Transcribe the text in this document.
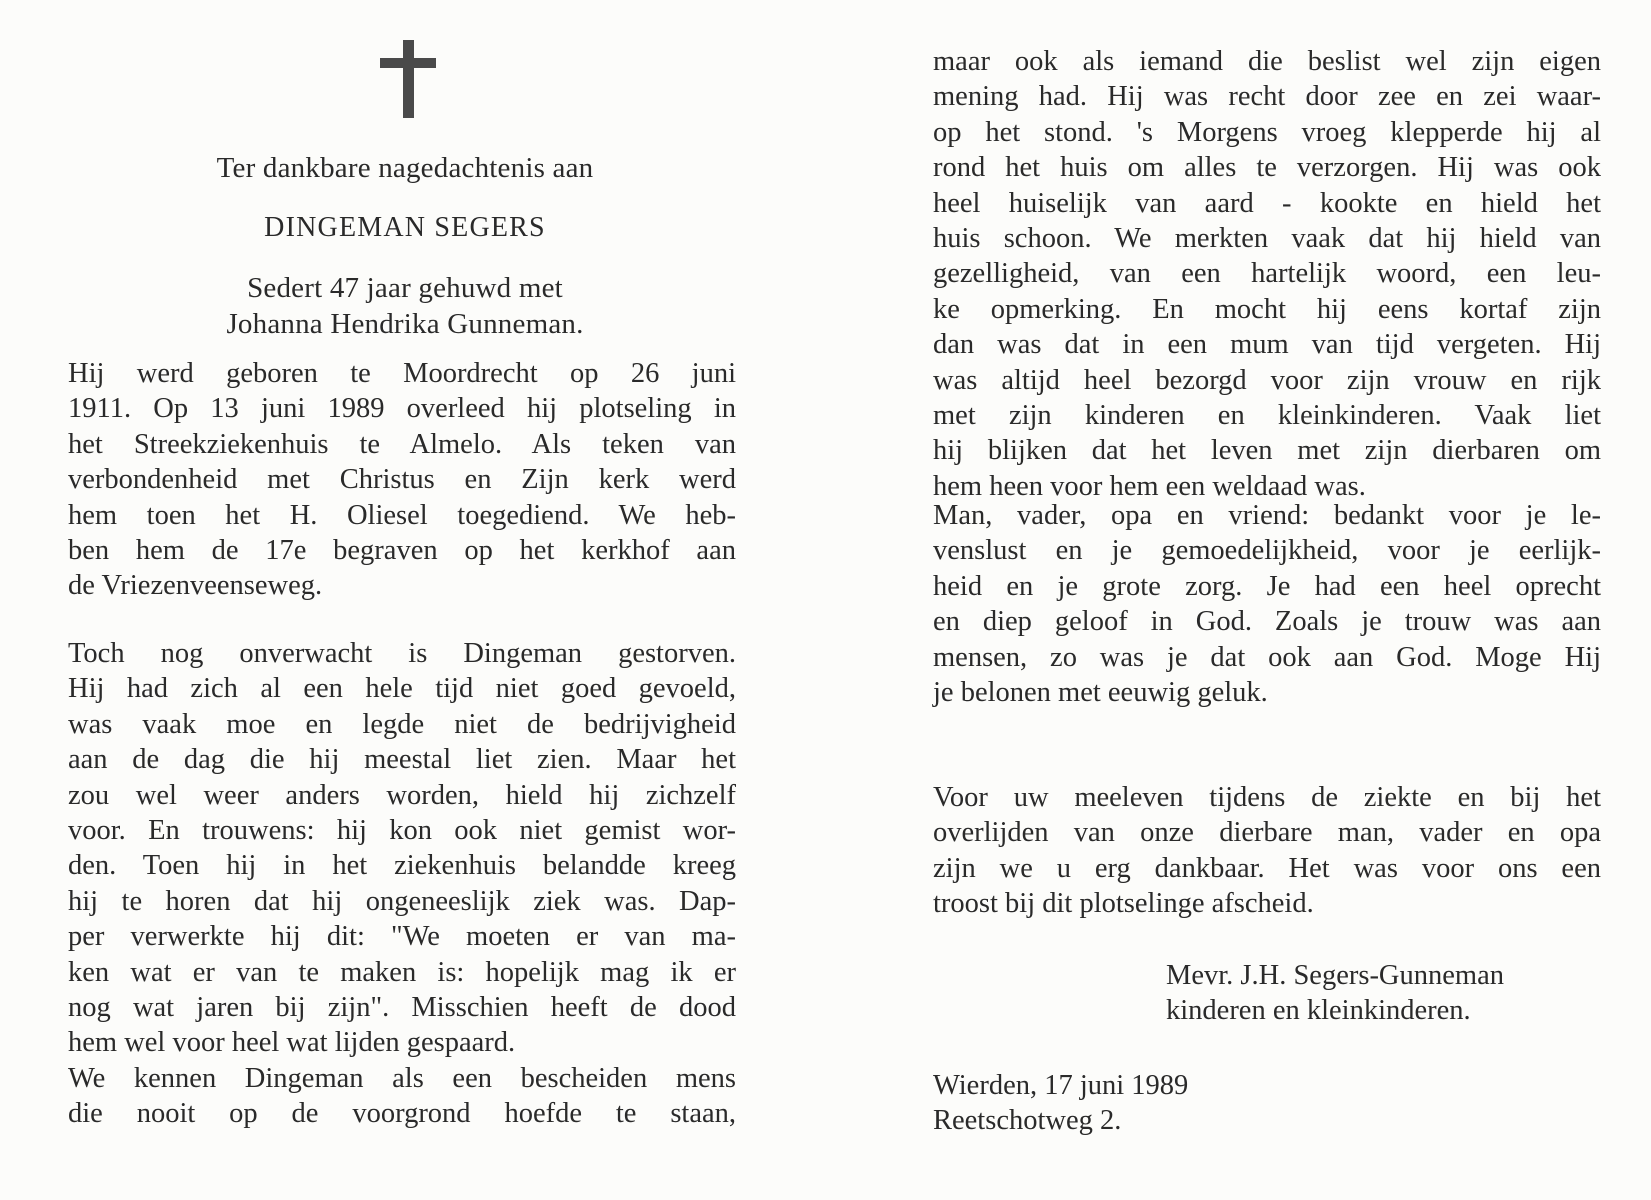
Ter dankbare nagedachtenis aan
DINGEMAN SEGERS
Sedert 47 jaar gehuwd met
Johanna Hendrika Gunneman.
Hij werd geboren te Moordrecht op 26 juni
1911. Op 13 juni 1989 overleed hij plotseling in
het Streekziekenhuis te Almelo. Als teken van
verbondenheid met Christus en Zijn kerk werd
hem toen het H. Oliesel toegediend. We heb-
ben hem de 17e begraven op het kerkhof aan
de Vriezenveenseweg.
Toch nog onverwacht is Dingeman gestorven.
Hij had zich al een hele tijd niet goed gevoeld,
was vaak moe en legde niet de bedrijvigheid
aan de dag die hij meestal liet zien. Maar het
zou wel weer anders worden, hield hij zichzelf
voor. En trouwens: hij kon ook niet gemist wor-
den. Toen hij in het ziekenhuis belandde kreeg
hij te horen dat hij ongeneeslijk ziek was. Dap-
per verwerkte hij dit: "We moeten er van ma-
ken wat er van te maken is: hopelijk mag ik er
nog wat jaren bij zijn". Misschien heeft de dood
hem wel voor heel wat lijden gespaard.
We kennen Dingeman als een bescheiden mens
die nooit op de voorgrond hoefde te staan,
maar ook als iemand die beslist wel zijn eigen
mening had. Hij was recht door zee en zei waar-
op het stond. 's Morgens vroeg klepperde hij al
rond het huis om alles te verzorgen. Hij was ook
heel huiselijk van aard - kookte en hield het
huis schoon. We merkten vaak dat hij hield van
gezelligheid, van een hartelijk woord, een leu-
ke opmerking. En mocht hij eens kortaf zijn
dan was dat in een mum van tijd vergeten. Hij
was altijd heel bezorgd voor zijn vrouw en rijk
met zijn kinderen en kleinkinderen. Vaak liet
hij blijken dat het leven met zijn dierbaren om
hem heen voor hem een weldaad was.
Man, vader, opa en vriend: bedankt voor je le-
venslust en je gemoedelijkheid, voor je eerlijk-
heid en je grote zorg. Je had een heel oprecht
en diep geloof in God. Zoals je trouw was aan
mensen, zo was je dat ook aan God. Moge Hij
je belonen met eeuwig geluk.
Voor uw meeleven tijdens de ziekte en bij het
overlijden van onze dierbare man, vader en opa
zijn we u erg dankbaar. Het was voor ons een
troost bij dit plotselinge afscheid.
Mevr. J.H. Segers-Gunneman
kinderen en kleinkinderen.
Wierden, 17 juni 1989
Reetschotweg 2.
